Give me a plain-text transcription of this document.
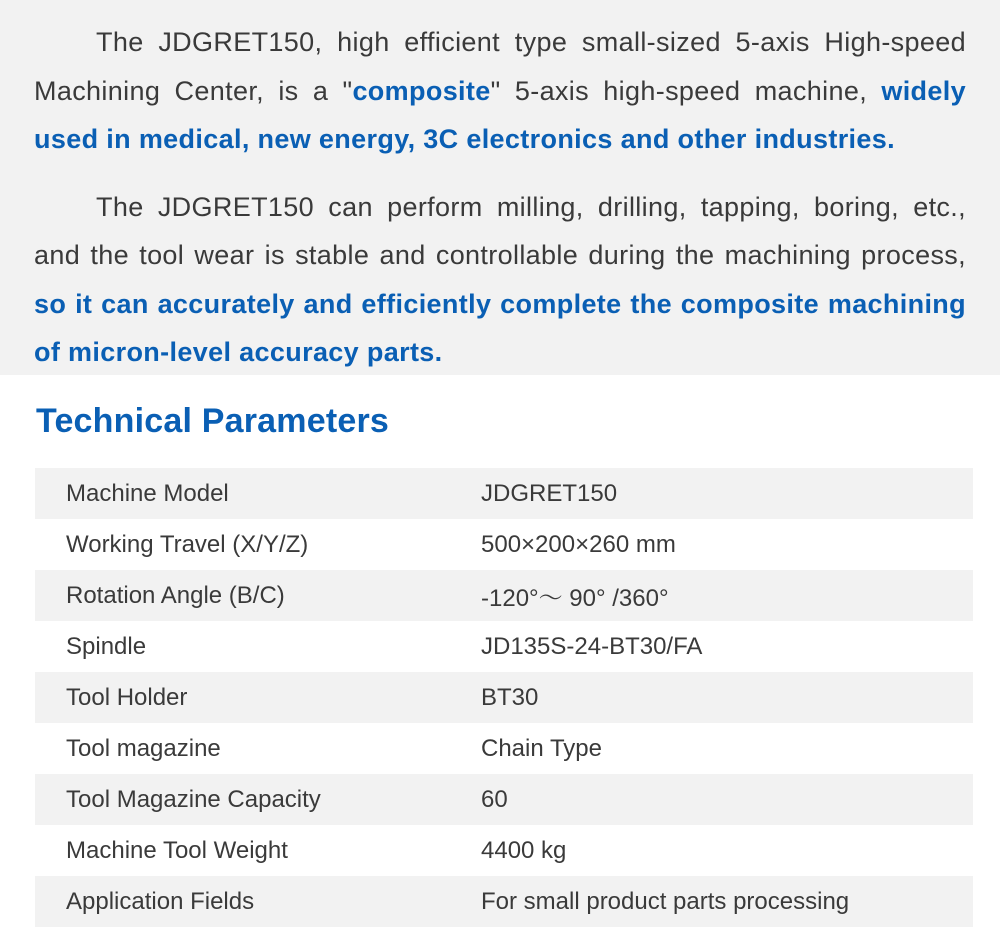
The JDGRET150, high efficient type small-sized 5-axis High-speed Machining Center, is a "composite" 5-axis high-speed machine, widely used in medical, new energy, 3C electronics and other industries.

The JDGRET150 can perform milling, drilling, tapping, boring, etc., and the tool wear is stable and controllable during the machining process, so it can accurately and efficiently complete the composite machining of micron-level accuracy parts.

Technical Parameters
Machine Model	JDGRET150
Working Travel (X/Y/Z)	500×200×260 mm
Rotation Angle (B/C)	-120°～ 90° /360°
Spindle	JD135S-24-BT30/FA
Tool Holder	BT30
Tool magazine	Chain Type
Tool Magazine Capacity	60
Machine Tool Weight	4400 kg
Application Fields	For small product parts processing
